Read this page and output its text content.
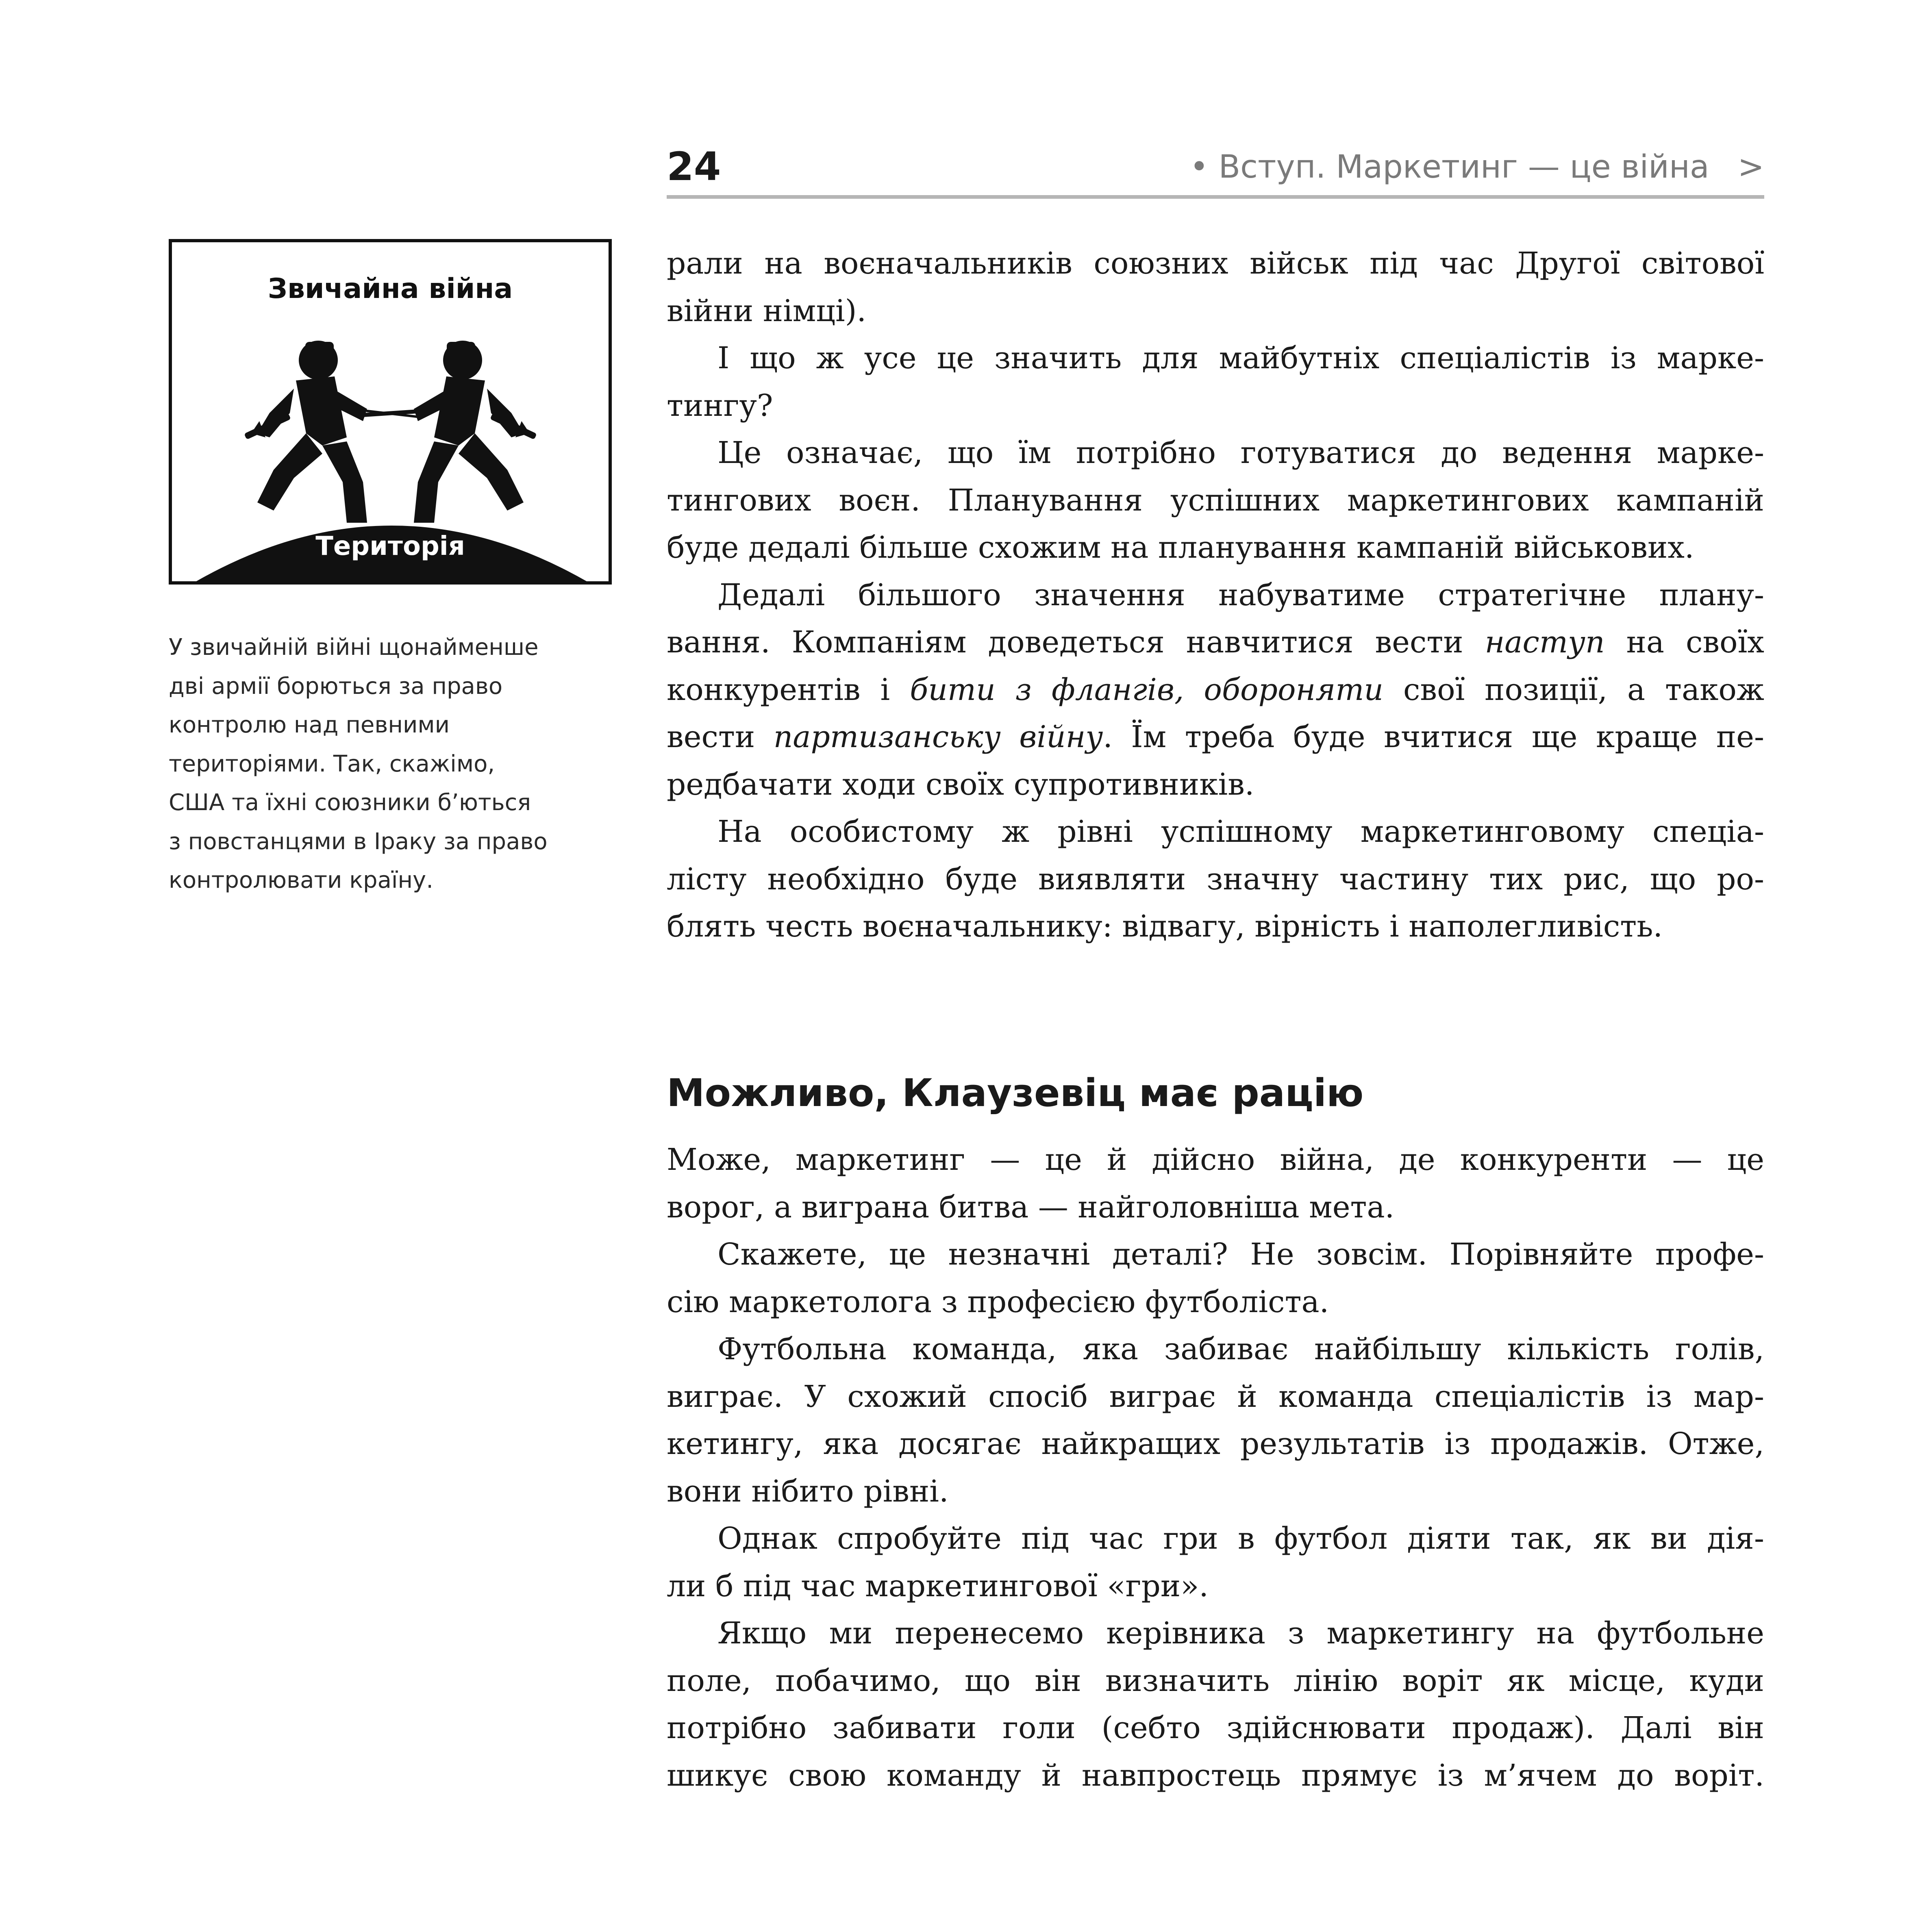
24	• Вступ. Маркетинг — це війна >
Звичайна війна
Територія
У звичайній війні щонайменше
дві армії борються за право
контролю над певними
територіями. Так, скажімо,
США та їхні союзники б’ються
з повстанцями в Іраку за право
контролювати країну.

рали на воєначальників союзних військ під час Другої світової
війни німці).

І що ж усе це значить для майбутніх спеціалістів із марке-
тингу?

Це означає, що їм потрібно готуватися до ведення марке-
тингових воєн. Планування успішних маркетингових кампаній
буде дедалі більше схожим на планування кампаній військових.

Дедалі більшого значення набуватиме стратегічне плану-
вання. Компаніям доведеться навчитися вести наступ на своїх
конкурентів і бити з флангів, обороняти свої позиції, а також
вести партизанську війну. Їм треба буде вчитися ще краще пе-
редбачати ходи своїх супротивників.

На особистому ж рівні успішному маркетинговому спеціа-
лісту необхідно буде виявляти значну частину тих рис, що ро-
блять честь воєначальнику: відвагу, вірність і наполегливість.

Можливо, Клаузевіц має рацію

Може, маркетинг — це й дійсно війна, де конкуренти — це
ворог, а виграна битва — найголовніша мета.

Скажете, це незначні деталі? Не зовсім. Порівняйте профе-
сію маркетолога з професією футболіста.

Футбольна команда, яка забиває найбільшу кількість голів,
виграє. У схожий спосіб виграє й команда спеціалістів із мар-
кетингу, яка досягає найкращих результатів із продажів. Отже,
вони нібито рівні.

Однак спробуйте під час гри в футбол діяти так, як ви дія-
ли б під час маркетингової «гри».

Якщо ми перенесемо керівника з маркетингу на футбольне
поле, побачимо, що він визначить лінію воріт як місце, куди
потрібно забивати голи (себто здійснювати продаж). Далі він
шикує свою команду й навпростець прямує із м’ячем до воріт.
